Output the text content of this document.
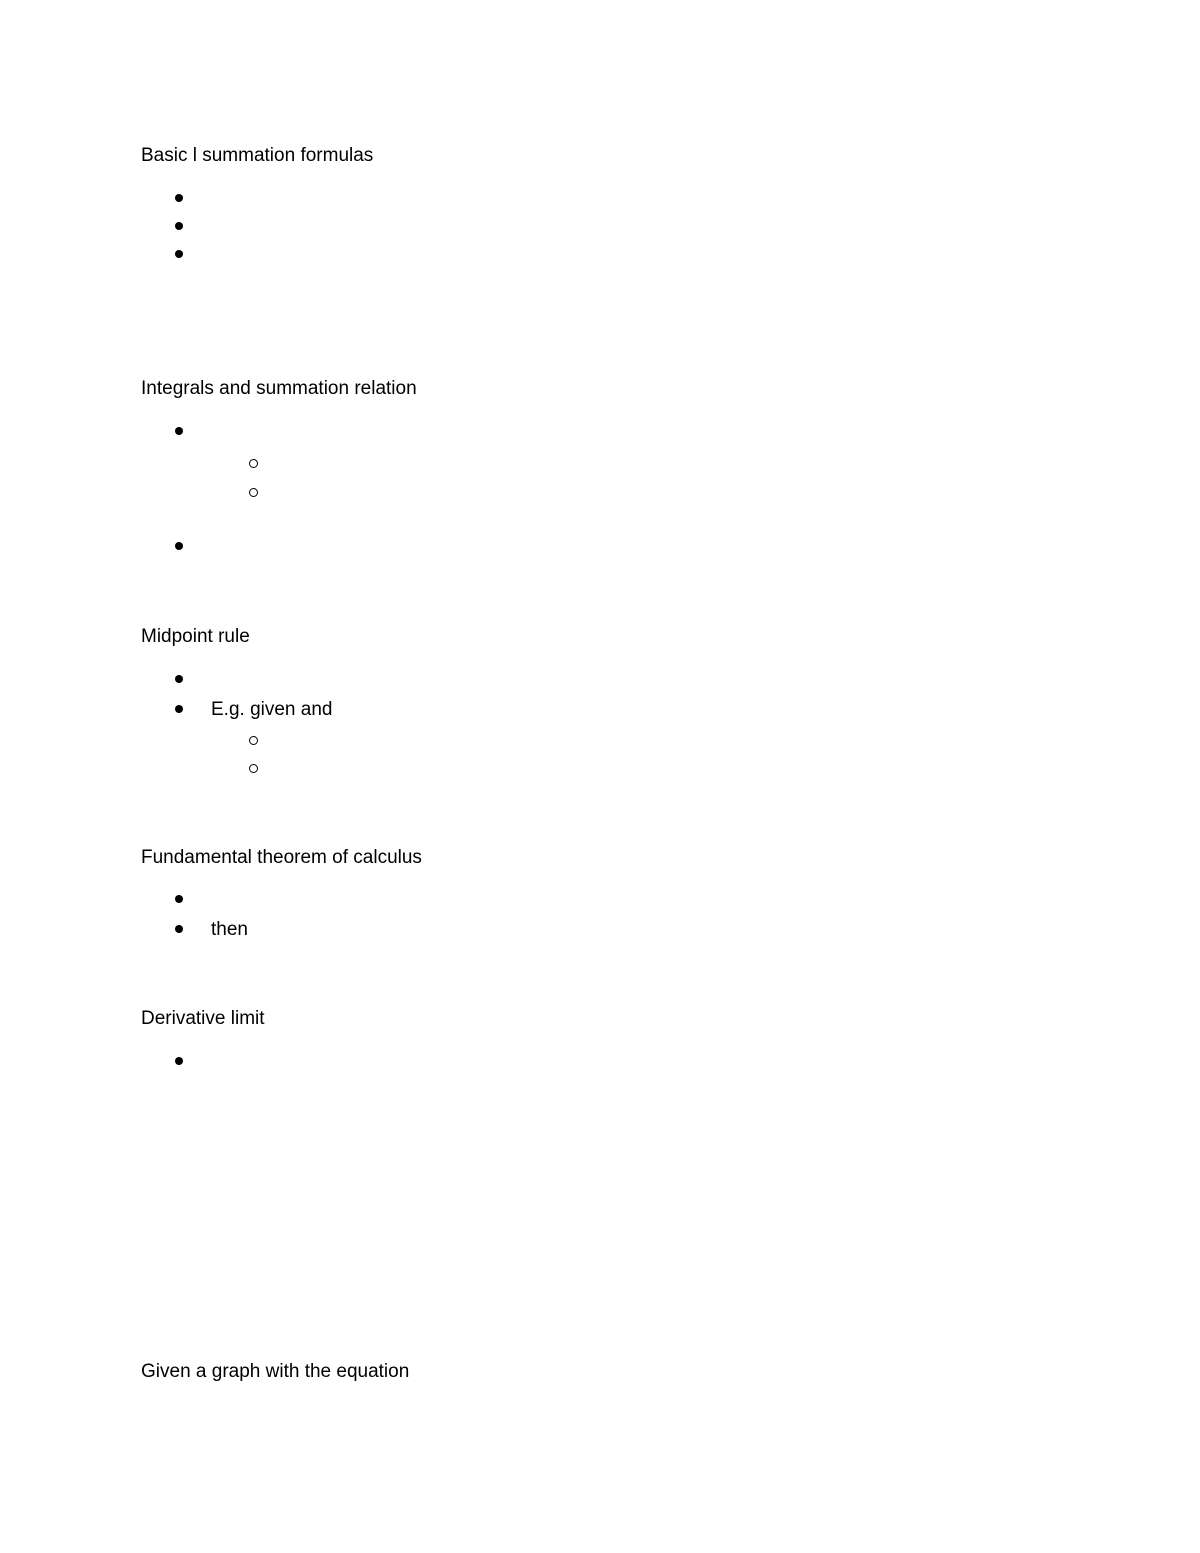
Basic l summation formulas
Integrals and summation relation
Midpoint rule
E.g. given and
Fundamental theorem of calculus
then
Derivative limit
Given a graph with the equation
